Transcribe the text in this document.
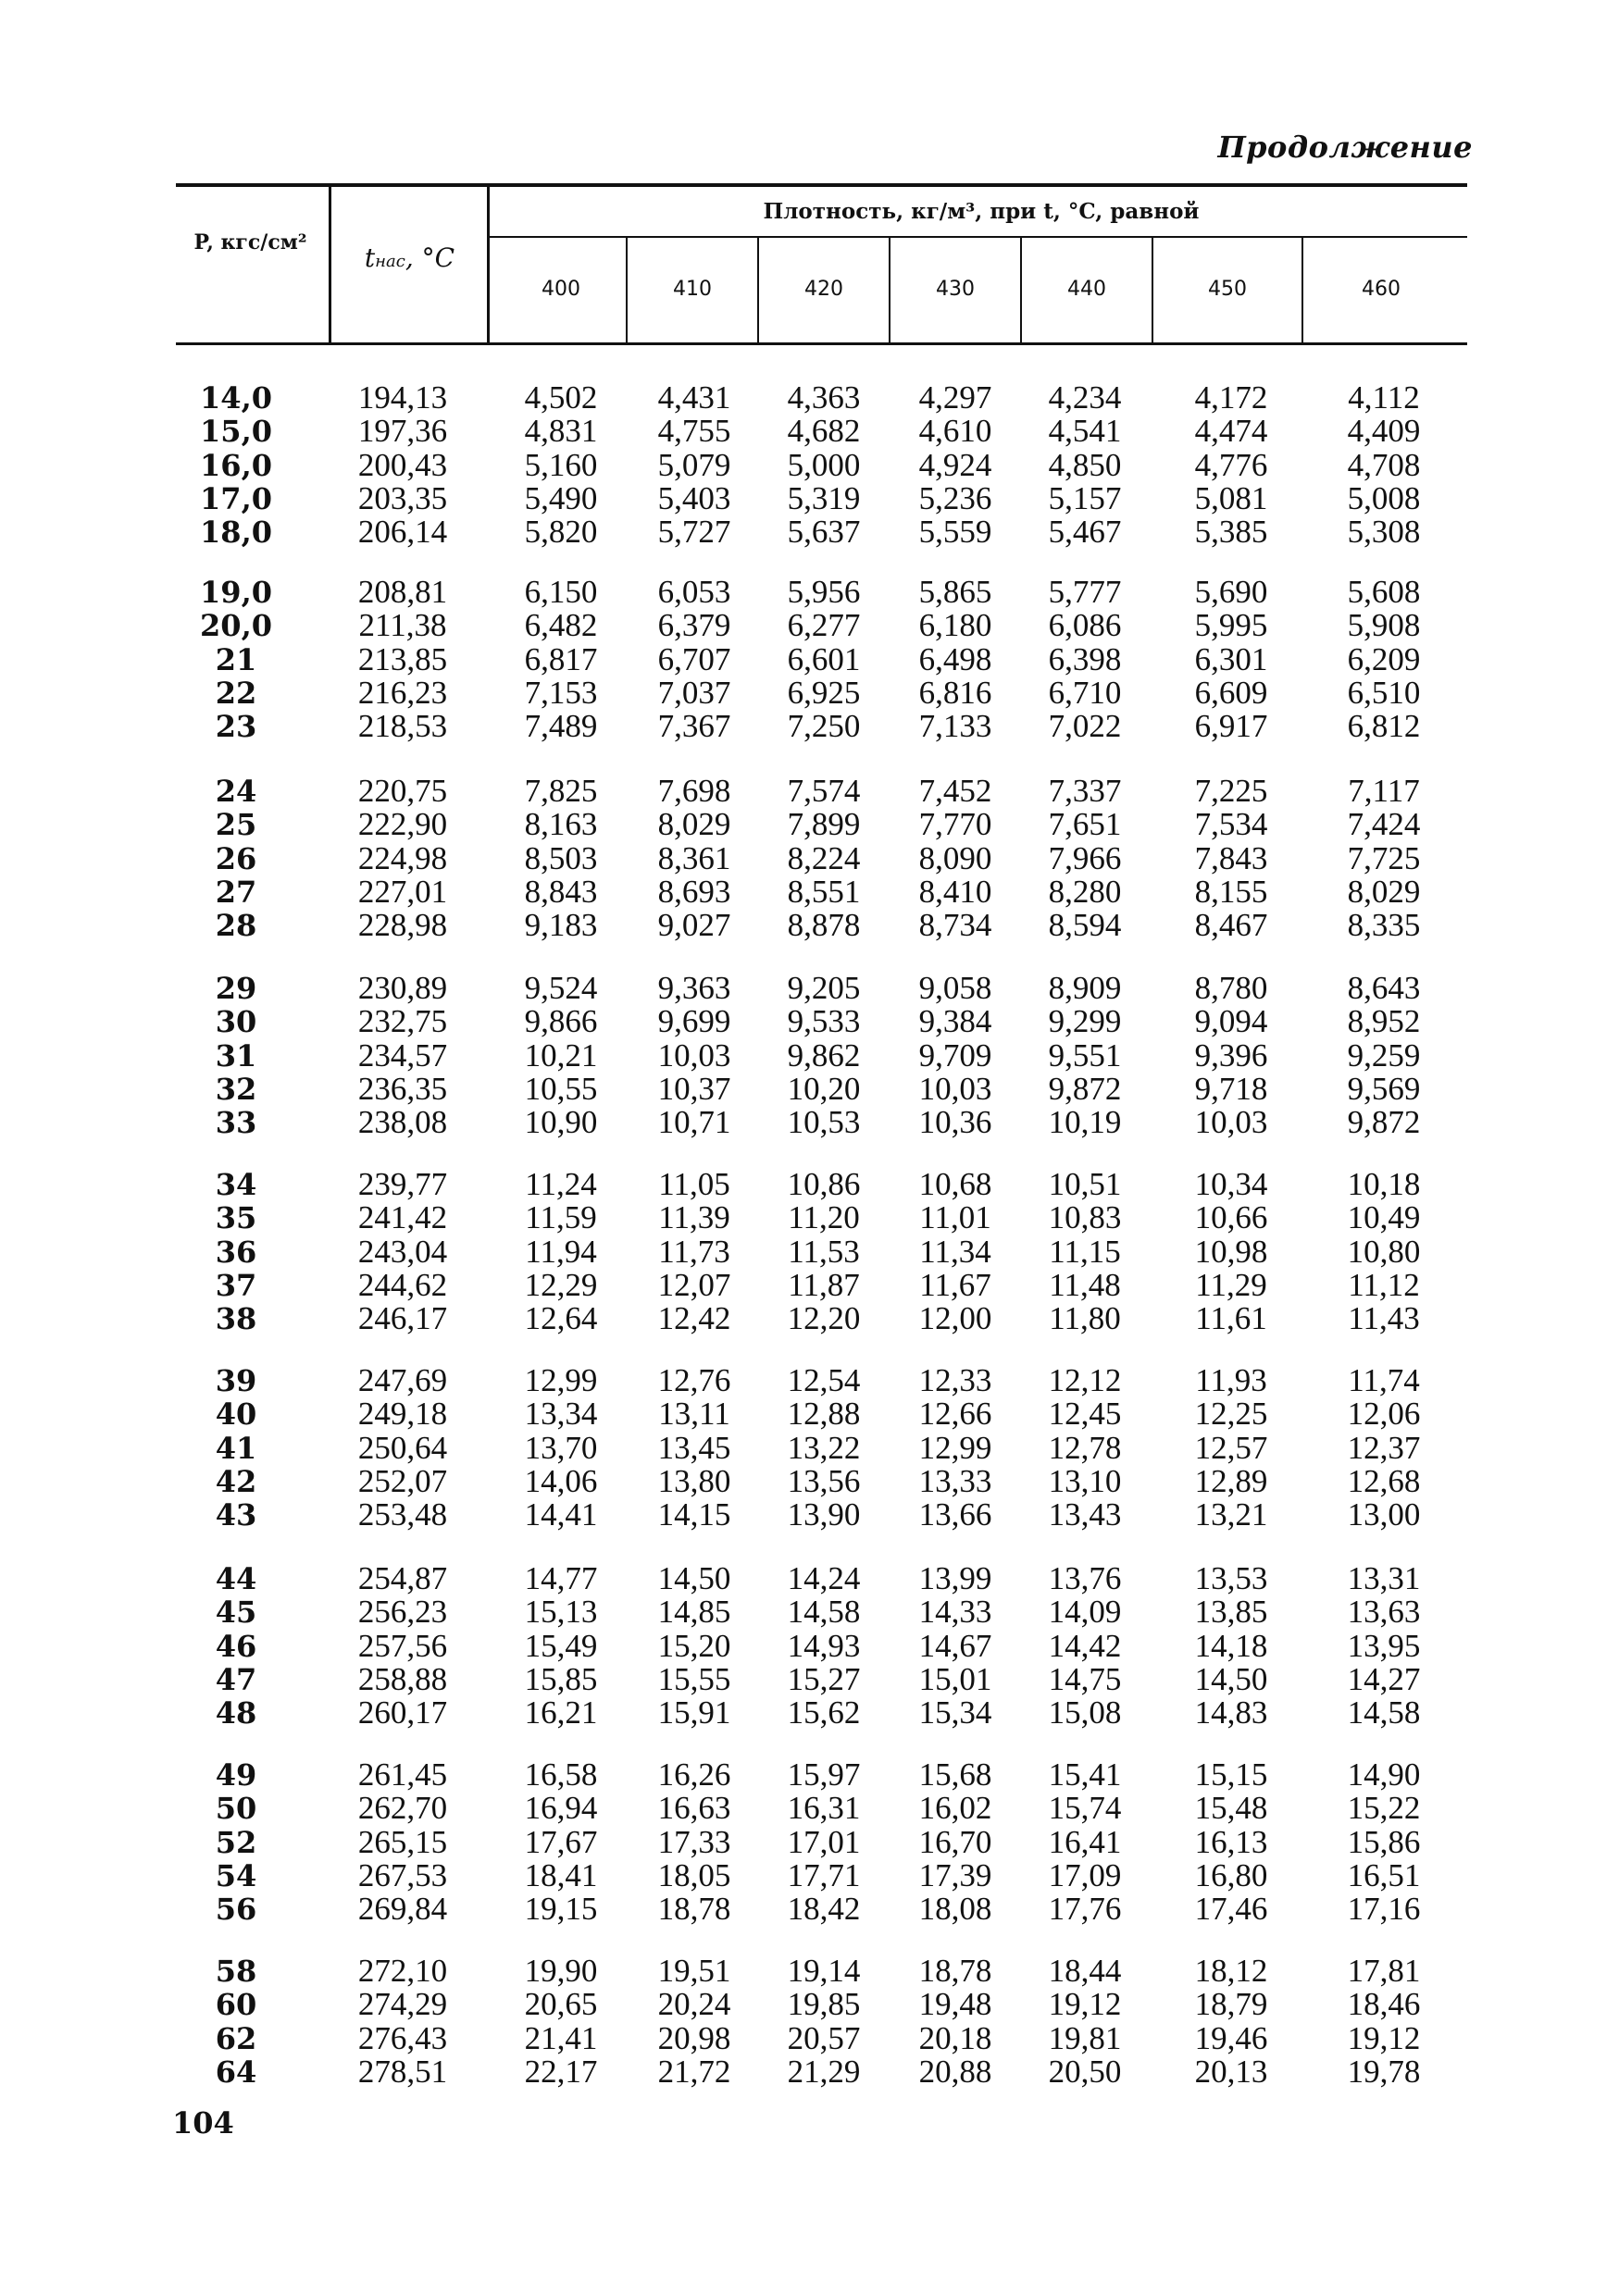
Продолжение
P, кгс/см²	tнас, °C
Плотность, кг/м³, при t, °C, равной
400	410	420	430	440	450	460
14,0	194,13	4,502	4,431	4,363	4,297	4,234	4,172	4,112
15,0	197,36	4,831	4,755	4,682	4,610	4,541	4,474	4,409
16,0	200,43	5,160	5,079	5,000	4,924	4,850	4,776	4,708
17,0	203,35	5,490	5,403	5,319	5,236	5,157	5,081	5,008
18,0	206,14	5,820	5,727	5,637	5,559	5,467	5,385	5,308
19,0	208,81	6,150	6,053	5,956	5,865	5,777	5,690	5,608
20,0	211,38	6,482	6,379	6,277	6,180	6,086	5,995	5,908
21	213,85	6,817	6,707	6,601	6,498	6,398	6,301	6,209
22	216,23	7,153	7,037	6,925	6,816	6,710	6,609	6,510
23	218,53	7,489	7,367	7,250	7,133	7,022	6,917	6,812
24	220,75	7,825	7,698	7,574	7,452	7,337	7,225	7,117
25	222,90	8,163	8,029	7,899	7,770	7,651	7,534	7,424
26	224,98	8,503	8,361	8,224	8,090	7,966	7,843	7,725
27	227,01	8,843	8,693	8,551	8,410	8,280	8,155	8,029
28	228,98	9,183	9,027	8,878	8,734	8,594	8,467	8,335
29	230,89	9,524	9,363	9,205	9,058	8,909	8,780	8,643
30	232,75	9,866	9,699	9,533	9,384	9,299	9,094	8,952
31	234,57	10,21	10,03	9,862	9,709	9,551	9,396	9,259
32	236,35	10,55	10,37	10,20	10,03	9,872	9,718	9,569
33	238,08	10,90	10,71	10,53	10,36	10,19	10,03	9,872
34	239,77	11,24	11,05	10,86	10,68	10,51	10,34	10,18
35	241,42	11,59	11,39	11,20	11,01	10,83	10,66	10,49
36	243,04	11,94	11,73	11,53	11,34	11,15	10,98	10,80
37	244,62	12,29	12,07	11,87	11,67	11,48	11,29	11,12
38	246,17	12,64	12,42	12,20	12,00	11,80	11,61	11,43
39	247,69	12,99	12,76	12,54	12,33	12,12	11,93	11,74
40	249,18	13,34	13,11	12,88	12,66	12,45	12,25	12,06
41	250,64	13,70	13,45	13,22	12,99	12,78	12,57	12,37
42	252,07	14,06	13,80	13,56	13,33	13,10	12,89	12,68
43	253,48	14,41	14,15	13,90	13,66	13,43	13,21	13,00
44	254,87	14,77	14,50	14,24	13,99	13,76	13,53	13,31
45	256,23	15,13	14,85	14,58	14,33	14,09	13,85	13,63
46	257,56	15,49	15,20	14,93	14,67	14,42	14,18	13,95
47	258,88	15,85	15,55	15,27	15,01	14,75	14,50	14,27
48	260,17	16,21	15,91	15,62	15,34	15,08	14,83	14,58
49	261,45	16,58	16,26	15,97	15,68	15,41	15,15	14,90
50	262,70	16,94	16,63	16,31	16,02	15,74	15,48	15,22
52	265,15	17,67	17,33	17,01	16,70	16,41	16,13	15,86
54	267,53	18,41	18,05	17,71	17,39	17,09	16,80	16,51
56	269,84	19,15	18,78	18,42	18,08	17,76	17,46	17,16
58	272,10	19,90	19,51	19,14	18,78	18,44	18,12	17,81
60	274,29	20,65	20,24	19,85	19,48	19,12	18,79	18,46
62	276,43	21,41	20,98	20,57	20,18	19,81	19,46	19,12
64	278,51	22,17	21,72	21,29	20,88	20,50	20,13	19,78
104
